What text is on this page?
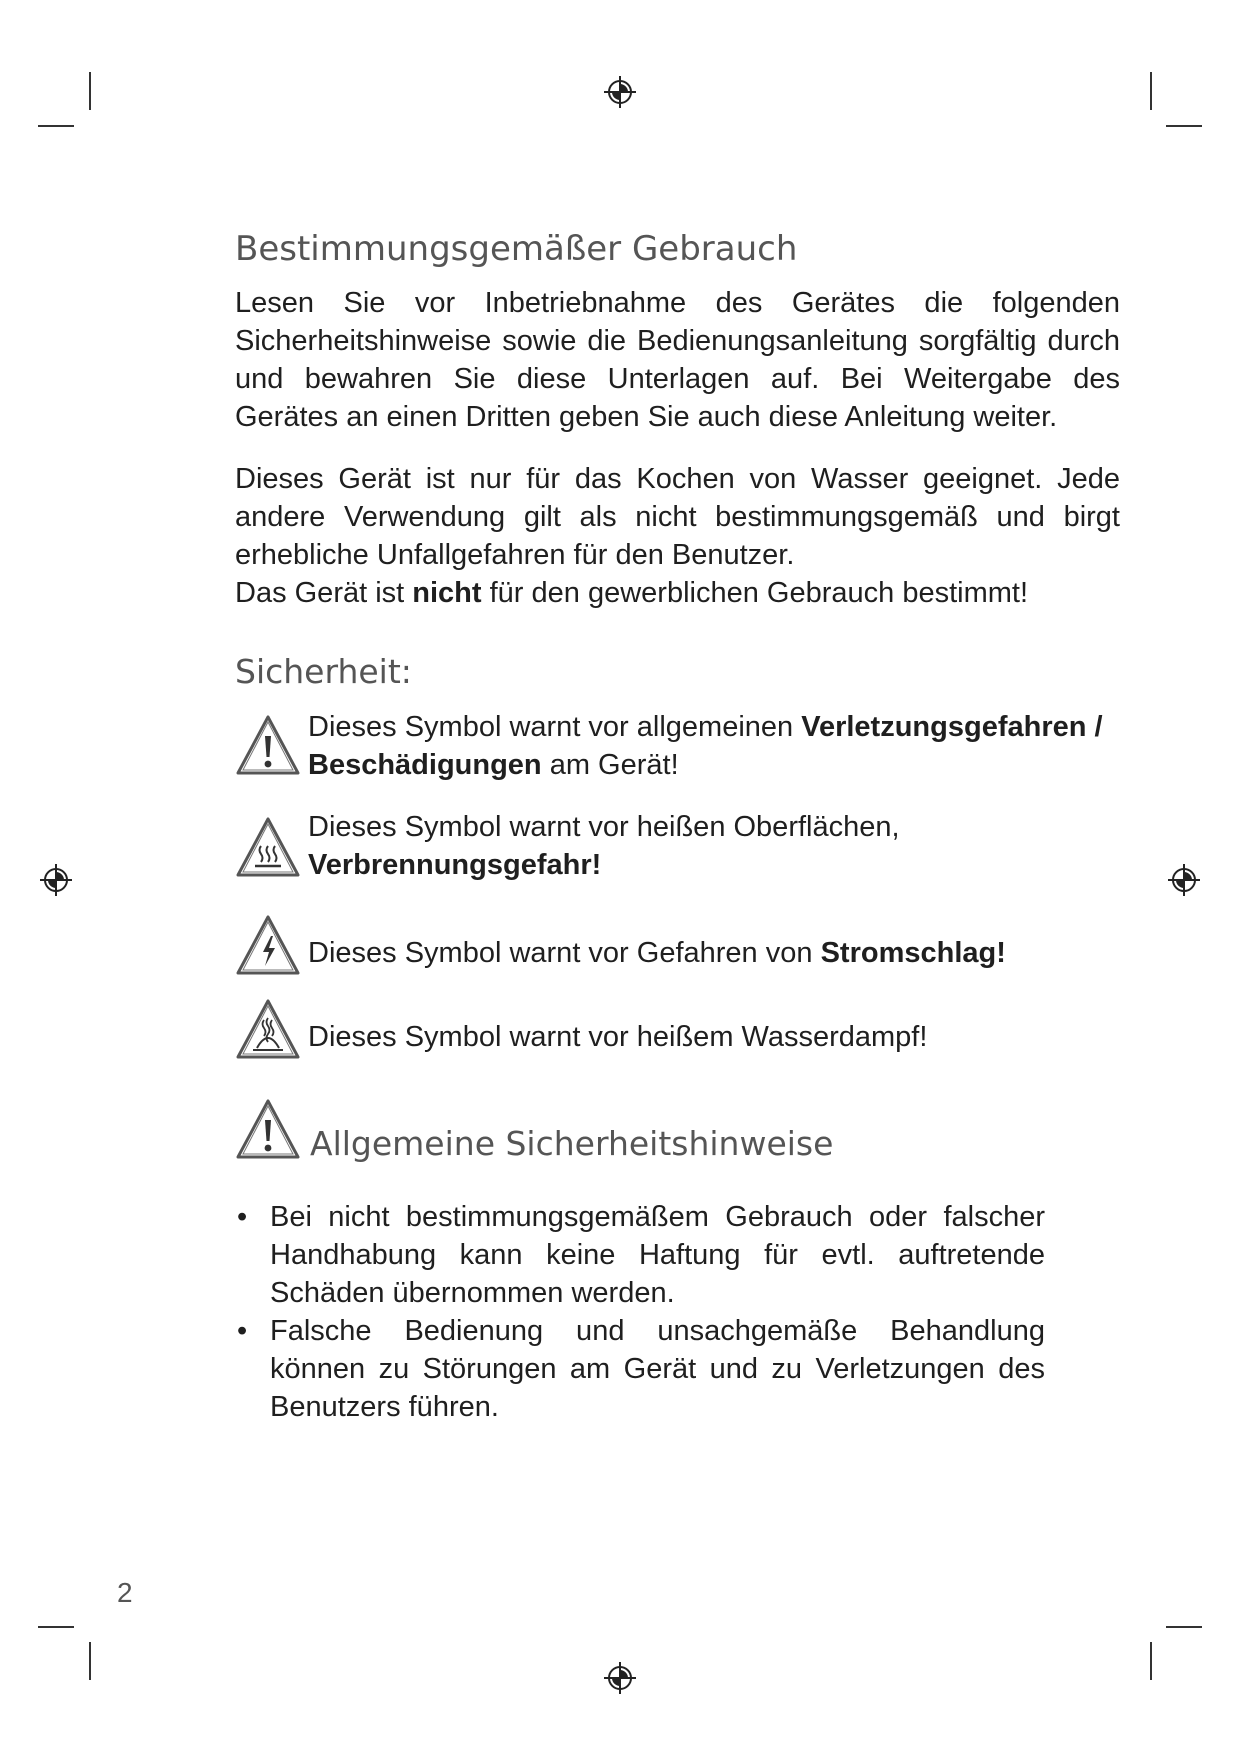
Bestimmungsgemäßer Gebrauch

Lesen Sie vor Inbetriebnahme des Gerätes die folgenden Sicherheitshinweise sowie die Bedienungsanleitung sorgfältig durch und bewahren Sie diese Unterlagen auf. Bei Weitergabe des Gerätes an einen Dritten geben Sie auch diese Anleitung weiter.

Dieses Gerät ist nur für das Kochen von Wasser geeignet. Jede andere Verwendung gilt als nicht bestimmungsgemäß und birgt erhebliche Unfallgefahren für den Benutzer.

Das Gerät ist nicht für den gewerblichen Gebrauch bestimmt!

Sicherheit:
Dieses Symbol warnt vor allgemeinen Verletzungsgefahren / Beschädigungen am Gerät!
Dieses Symbol warnt vor heißen Oberflächen, Verbrennungsgefahr!
Dieses Symbol warnt vor Gefahren von Stromschlag!
Dieses Symbol warnt vor heißem Wasserdampf!
Allgemeine Sicherheitshinweise
• Bei nicht bestimmungsgemäßem Gebrauch oder falscher Handhabung kann keine Haftung für evtl. auftretende Schäden übernommen werden.
• Falsche Bedienung und unsachgemäße Behandlung können zu Störungen am Gerät und zu Verletzungen des Benutzers führen.
2
